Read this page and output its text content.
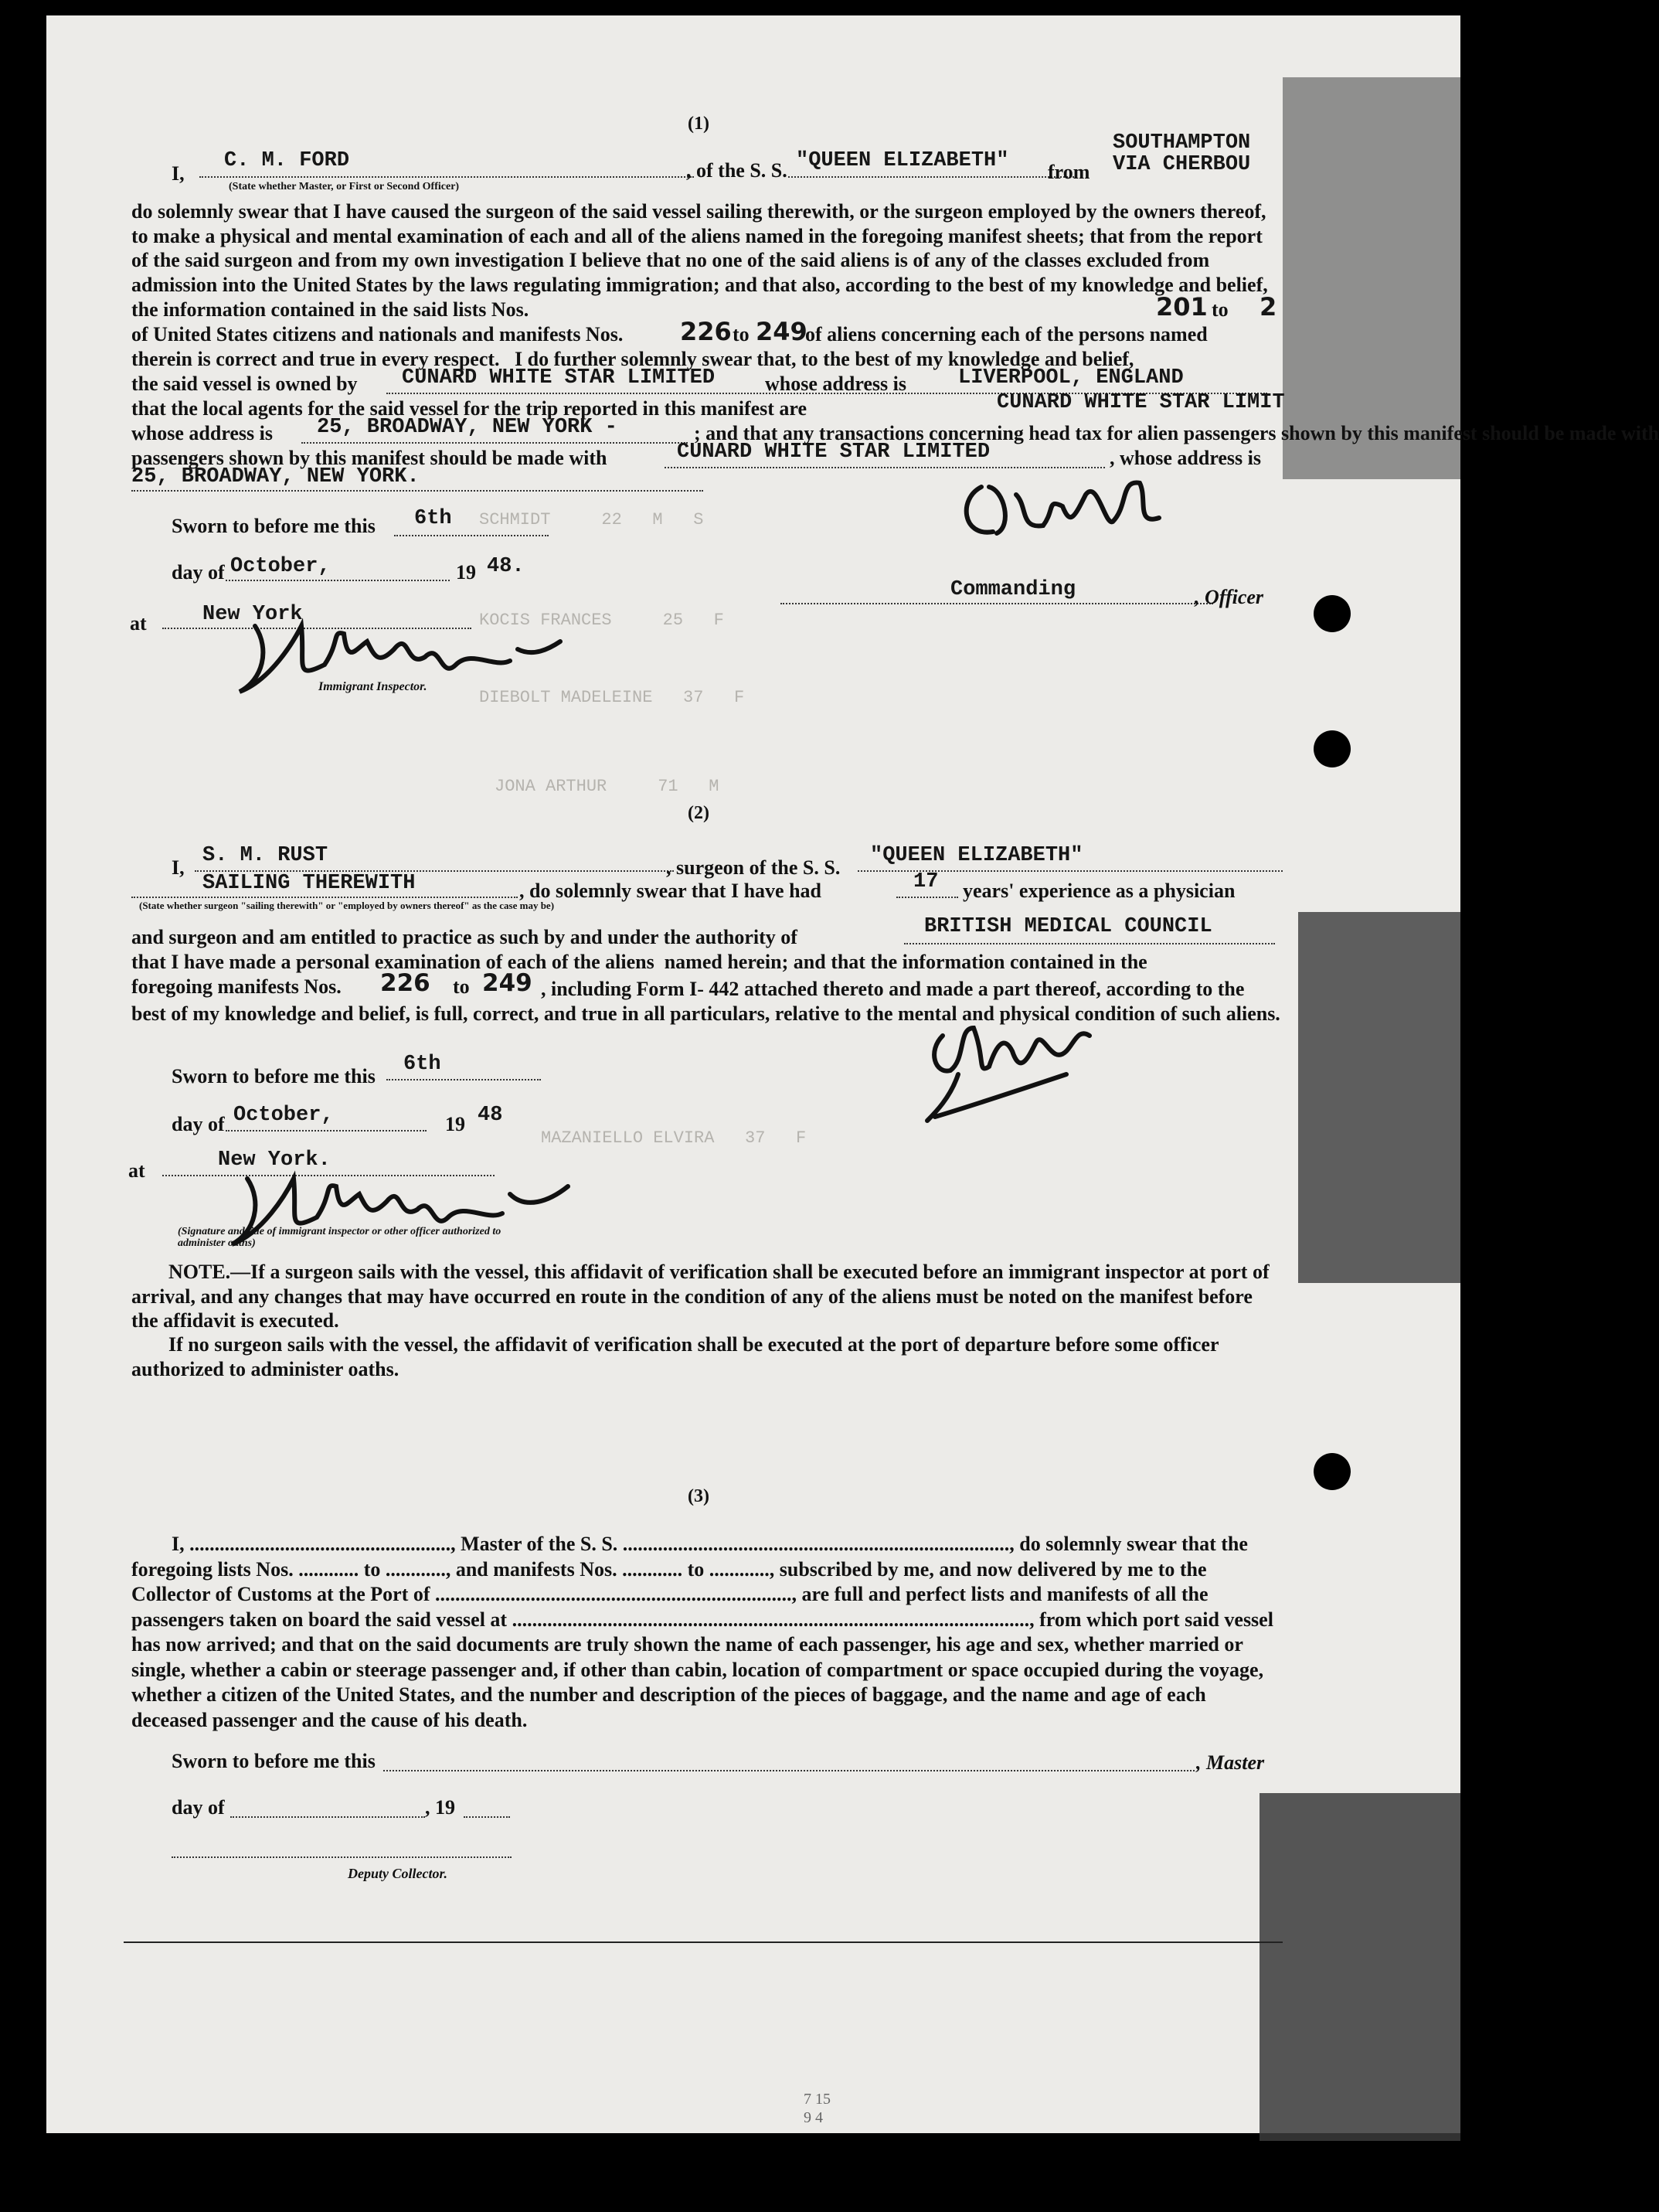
SCHMIDT     22   M   S
KOCIS FRANCES     25   F
DIEBOLT MADELEINE   37   F
JONA ARTHUR     71   M
MAZANIELLO ELVIRA   37   F
(1)
I,
C. M. FORD
(State whether Master, or First or Second Officer)
, of the S. S. "QUEEN ELIZABETH" from
SOUTHAMPTON
VIA CHERBOU
do solemnly swear that I have caused the surgeon of the said vessel sailing therewith, or the surgeon employed by the owners thereof, to make a physical and mental examination of each and all of the aliens named in the foregoing manifest sheets; that from the report of the said surgeon and from my own investigation I believe that no one of the said aliens is of any of the classes excluded from admission into the United States by the laws regulating immigration; and that also, according to the best of my knowledge and belief, the information contained in the said lists Nos.	201 to 2
of United States citizens and nationals and manifests Nos. 226 to 249
of aliens concerning each of the persons named
therein is correct and true in every respect.   I do further solemnly swear that, to the best of my knowledge and belief,
the said vessel is owned by CUNARD WHITE STAR LIMITED whose address is LIVERPOOL, ENGLAND
that the local agents for the said vessel for the trip reported in this manifest are	CUNARD WHITE STAR LIMIT
whose address is 25, BROADWAY, NEW YORK -	; and that any transactions concerning head tax for alien passengers shown by this manifest should be made with
passengers shown by this manifest should be made with	CUNARD WHITE STAR LIMITED	, whose address is
25, BROADWAY, NEW YORK.
Sworn to before me this 6th
day of October,	19 48.
Commanding	, Officer
at	New York
Immigrant Inspector.
(2)
I,
S. M. RUST
, surgeon of the S. S.
"QUEEN ELIZABETH"
SAILING THEREWITH
(State whether surgeon "sailing therewith" or "employed by owners thereof" as the case may be)
, do solemnly swear that I have had	17 years' experience as a physician
and surgeon and am entitled to practice as such by and under the authority of	BRITISH MEDICAL COUNCIL
that I have made a personal examination of each of the aliens  named herein; and that the information contained in the
foregoing manifests Nos. 226 to 249 , including Form I- 442 attached thereto and made a part thereof, according to the best of my knowledge and belief, is full, correct, and true in all particulars, relative to the mental and physical condition of such aliens.
Sworn to before me this
6th
day of October,	19 48
at	New York.
(Signature and title of immigrant inspector or other officer authorized to administer oaths)
NOTE.—If a surgeon sails with the vessel, this affidavit of verification shall be executed before an immigrant inspector at port of arrival, and any changes that may have occurred en route in the condition of any of the aliens must be noted on the manifest before the affidavit is executed.
If no surgeon sails with the vessel, the affidavit of verification shall be executed at the port of departure before some officer authorized to administer oaths.
(3)
I, ...................................................., Master of the S. S. ............................................................................., do solemnly swear that the foregoing lists Nos. ............ to ............, and manifests Nos. ............ to ............, subscribed by me, and now delivered by me to the Collector of Customs at the Port of ......................................................................., are full and perfect lists and manifests of all the passengers taken on board the said vessel at ......................................................................................................., from which port said vessel has now arrived; and that on the said documents are truly shown the name of each passenger, his age and sex, whether married or single, whether a cabin or steerage passenger and, if other than cabin, location of compartment or space occupied during the voyage, whether a citizen of the United States, and the number and description of the pieces of baggage, and the name and age of each deceased passenger and the cause of his death.
Sworn to before me this	, Master
day of	, 19
Deputy Collector.
7 15
9 4
